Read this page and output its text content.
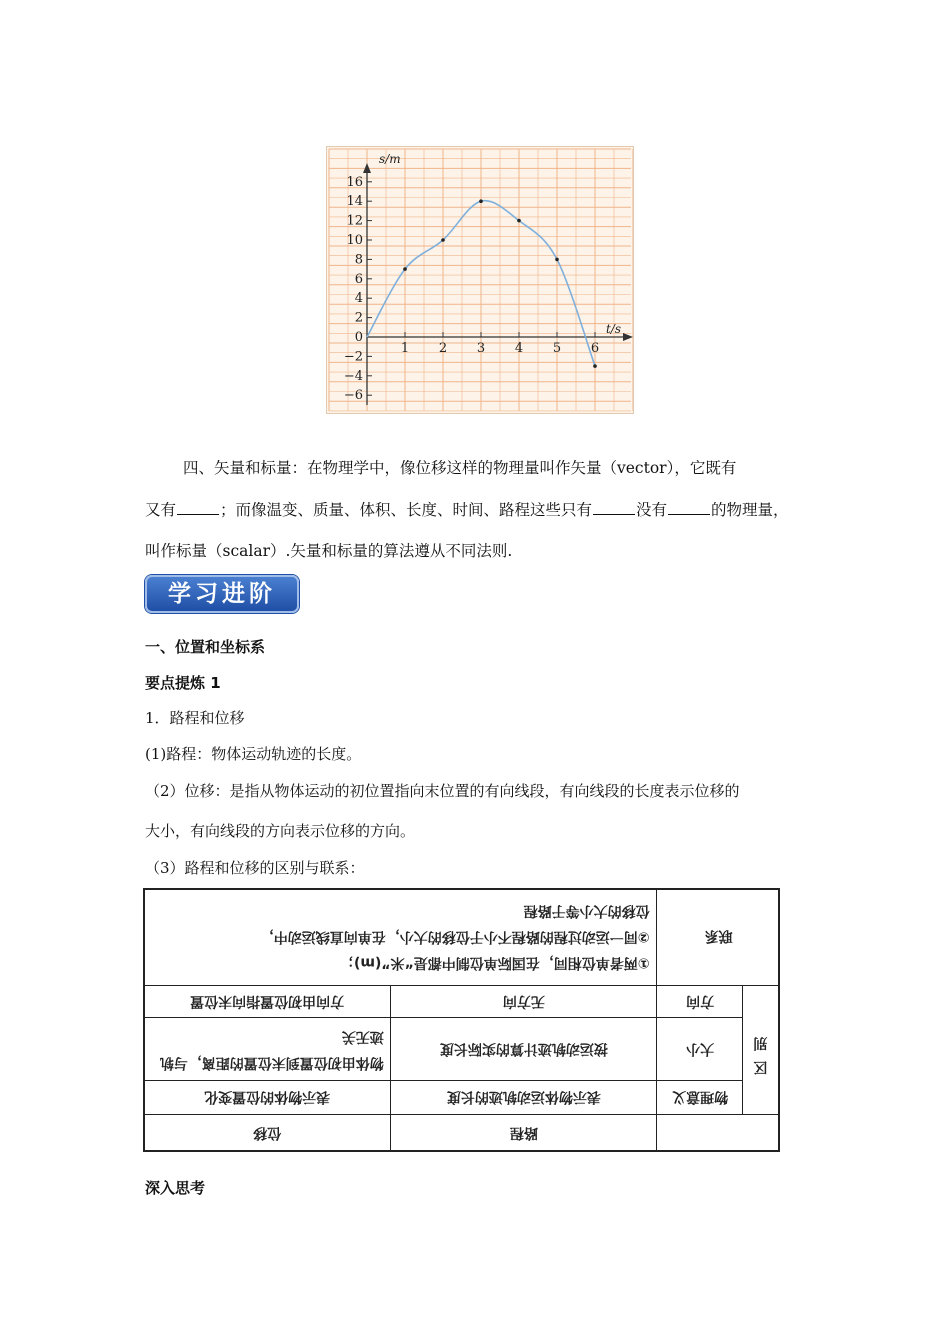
16
14
12
10
8
6
4
2
0
−2
−4
−6
1 2 3 4 5 6
s/m
t/s
四、矢量和标量：在物理学中，像位移这样的物理量叫作矢量（vector），它既有
又有	；而像温变、质量、体积、长度、时间、路程这些只有	没有	的物理量，
叫作标量（scalar）.矢量和标量的算法遵从不同法则.
学习进阶
一、位置和坐标系
要点提炼 1
1．路程和位移
(1)路程：物体运动轨迹的长度。
（2）位移：是指从物体运动的初位置指向末位置的有向线段，有向线段的长度表示位移的
大小，有向线段的方向表示位移的方向。
（3）路程和位移的区别与联系：
①两者单位相同，在国际单位制中都是“米”(m)；
②同一运动过程的路程不小于位移的大小，在单向直线运动中，
位移的大小等于路程		联系	
方向由初位置指向末位置	无方向	方向	区别
物体由初位置到末位置的距离，与轨迹无关	按运动轨迹计算的实际长度	大小	
表示物体的位置变化	表示物体运动轨迹的长度	物理意义	
位移	路程		
深入思考
